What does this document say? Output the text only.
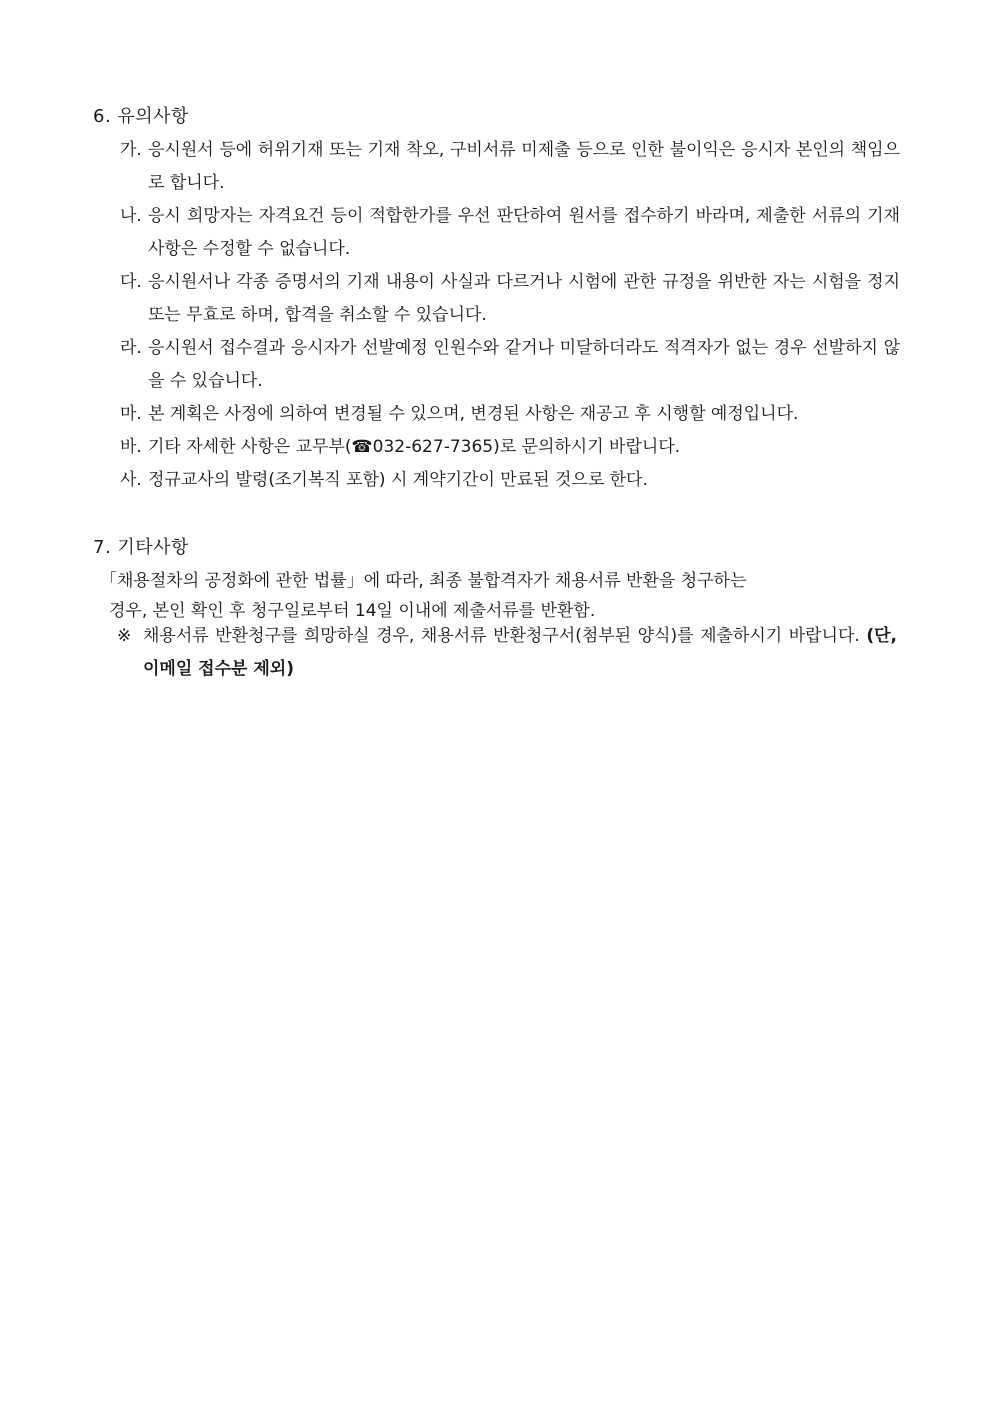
6. 유의사항
가. 응시원서 등에 허위기재 또는 기재 착오, 구비서류 미제출 등으로 인한 불이익은 응시자 본인의 책임으로 합니다.
나. 응시 희망자는 자격요건 등이 적합한가를 우선 판단하여 원서를 접수하기 바라며, 제출한 서류의 기재사항은 수정할 수 없습니다.
다. 응시원서나 각종 증명서의 기재 내용이 사실과 다르거나 시험에 관한 규정을 위반한 자는 시험을 정지 또는 무효로 하며, 합격을 취소할 수 있습니다.
라. 응시원서 접수결과 응시자가 선발예정 인원수와 같거나 미달하더라도 적격자가 없는 경우 선발하지 않을 수 있습니다.
마. 본 계획은 사정에 의하여 변경될 수 있으며, 변경된 사항은 재공고 후 시행할 예정입니다.
바. 기타 자세한 사항은 교무부(☎032-627-7365)로 문의하시기 바랍니다.
사. 정규교사의 발령(조기복직 포함) 시 계약기간이 만료된 것으로 한다.
7. 기타사항
「채용절차의 공정화에 관한 법률」에 따라, 최종 불합격자가 채용서류 반환을 청구하는
경우, 본인 확인 후 청구일로부터 14일 이내에 제출서류를 반환함.
※ 채용서류 반환청구를 희망하실 경우, 채용서류 반환청구서(첨부된 양식)를 제출하시기 바랍니다. (단, 이메일 접수분 제외)
